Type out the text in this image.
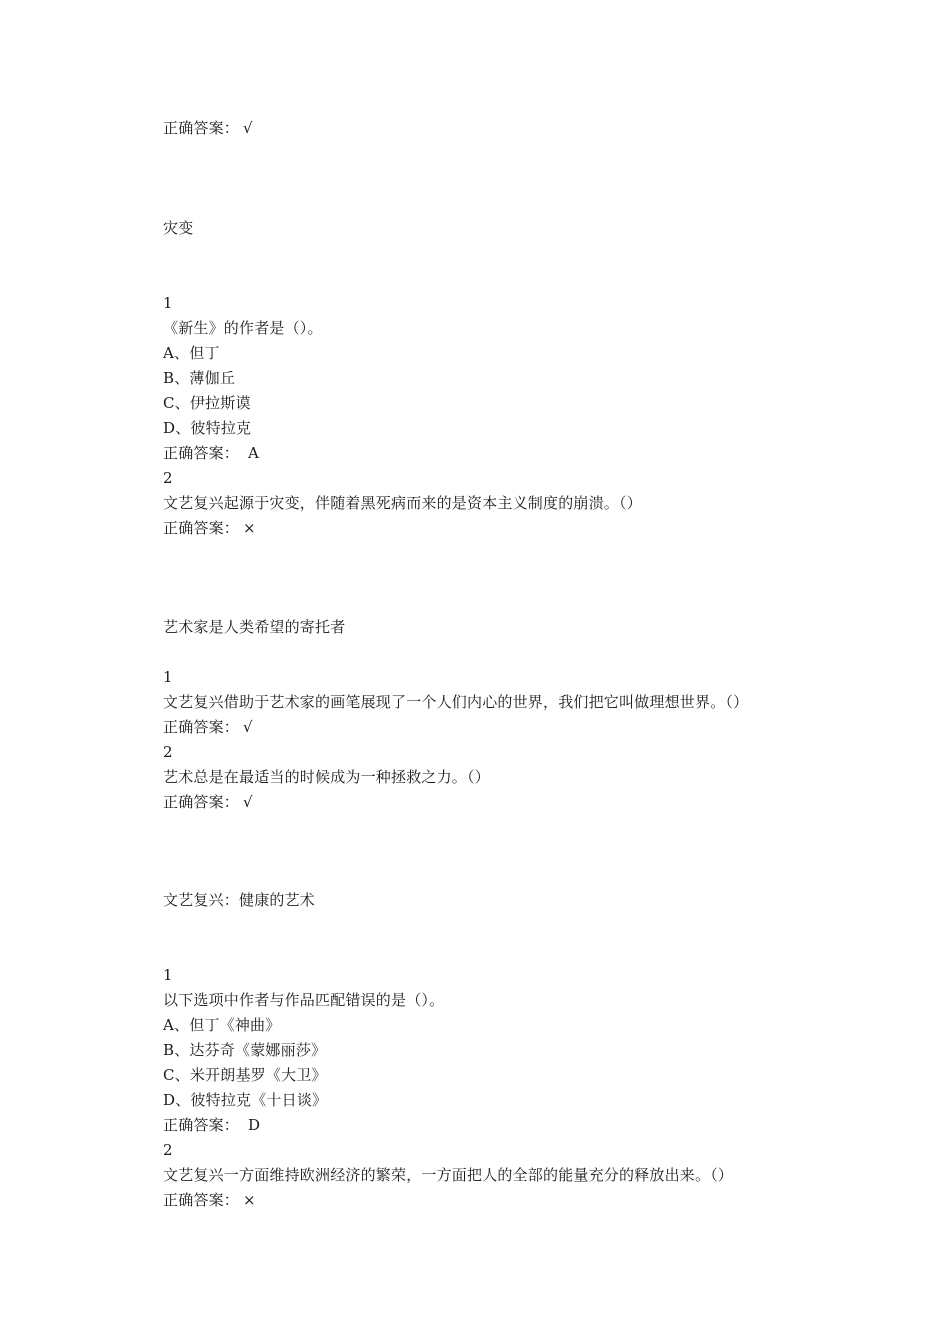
正确答案： √
灾变
1
《新生》的作者是（）。
A、但丁
B、薄伽丘
C、伊拉斯谟
D、彼特拉克
正确答案： A
2
文艺复兴起源于灾变，伴随着黑死病而来的是资本主义制度的崩溃。（）
正确答案： ×
艺术家是人类希望的寄托者
1
文艺复兴借助于艺术家的画笔展现了一个人们内心的世界，我们把它叫做理想世界。（）
正确答案： √
2
艺术总是在最适当的时候成为一种拯救之力。（）
正确答案： √
文艺复兴：健康的艺术
1
以下选项中作者与作品匹配错误的是（）。
A、但丁《神曲》
B、达芬奇《蒙娜丽莎》
C、米开朗基罗《大卫》
D、彼特拉克《十日谈》
正确答案： D
2
文艺复兴一方面维持欧洲经济的繁荣，一方面把人的全部的能量充分的释放出来。（）
正确答案： ×
